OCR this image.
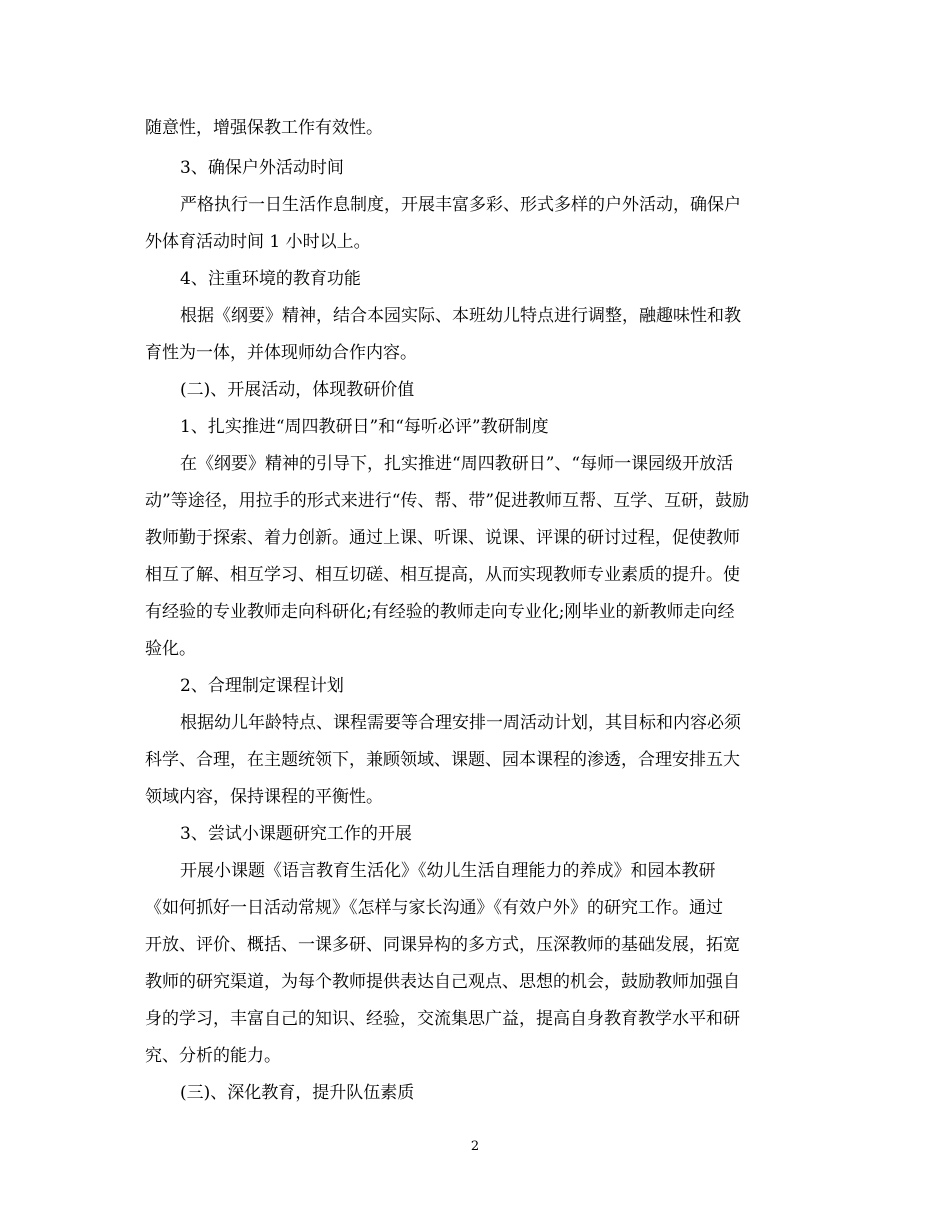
随意性，增强保教工作有效性。
3、确保户外活动时间
严格执行一日生活作息制度，开展丰富多彩、形式多样的户外活动，确保户
外体育活动时间 1 小时以上。
4、注重环境的教育功能
根据《纲要》精神，结合本园实际、本班幼儿特点进行调整，融趣味性和教
育性为一体，并体现师幼合作内容。
(二)、开展活动，体现教研价值
1、扎实推进“周四教研日”和“每听必评”教研制度
在《纲要》精神的引导下，扎实推进“周四教研日”、“每师一课园级开放活
动”等途径，用拉手的形式来进行“传、帮、带”促进教师互帮、互学、互研，鼓励
教师勤于探索、着力创新。通过上课、听课、说课、评课的研讨过程，促使教师
相互了解、相互学习、相互切磋、相互提高，从而实现教师专业素质的提升。使
有经验的专业教师走向科研化;有经验的教师走向专业化;刚毕业的新教师走向经
验化。
2、合理制定课程计划
根据幼儿年龄特点、课程需要等合理安排一周活动计划，其目标和内容必须
科学、合理，在主题统领下，兼顾领域、课题、园本课程的渗透，合理安排五大
领域内容，保持课程的平衡性。
3、尝试小课题研究工作的开展
开展小课题《语言教育生活化》《幼儿生活自理能力的养成》和园本教研
《如何抓好一日活动常规》《怎样与家长沟通》《有效户外》的研究工作。通过
开放、评价、概括、一课多研、同课异构的多方式，压深教师的基础发展，拓宽
教师的研究渠道，为每个教师提供表达自己观点、思想的机会，鼓励教师加强自
身的学习，丰富自己的知识、经验，交流集思广益，提高自身教育教学水平和研
究、分析的能力。
(三)、深化教育，提升队伍素质
2
